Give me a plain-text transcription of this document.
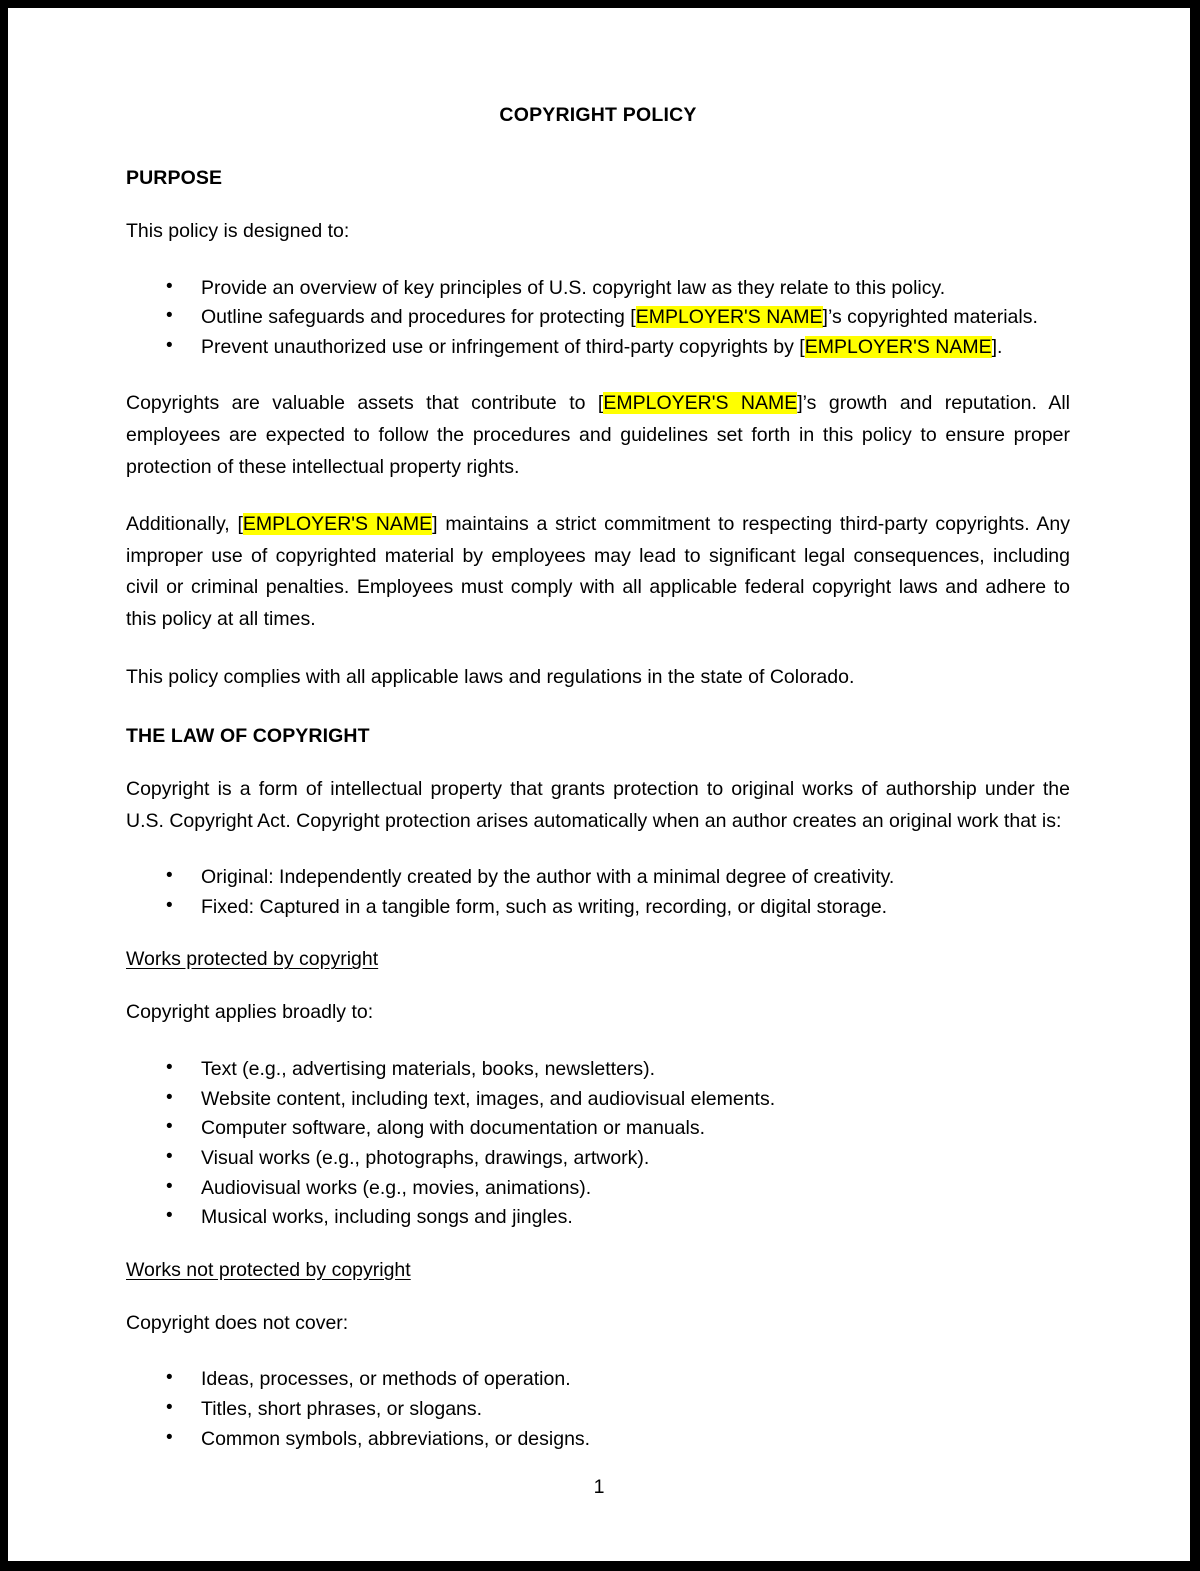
COPYRIGHT POLICY
PURPOSE

This policy is designed to:

• Provide an overview of key principles of U.S. copyright law as they relate to this policy.
• Outline safeguards and procedures for protecting [EMPLOYER'S NAME]’s copyrighted materials.
• Prevent unauthorized use or infringement of third-party copyrights by [EMPLOYER'S NAME].

Copyrights are valuable assets that contribute to [EMPLOYER'S NAME]’s growth and reputation. All employees are expected to follow the procedures and guidelines set forth in this policy to ensure proper protection of these intellectual property rights.

Additionally, [EMPLOYER'S NAME] maintains a strict commitment to respecting third-party copyrights. Any improper use of copyrighted material by employees may lead to significant legal consequences, including civil or criminal penalties. Employees must comply with all applicable federal copyright laws and adhere to this policy at all times.

This policy complies with all applicable laws and regulations in the state of Colorado.

THE LAW OF COPYRIGHT

Copyright is a form of intellectual property that grants protection to original works of authorship under the U.S. Copyright Act. Copyright protection arises automatically when an author creates an original work that is:

• Original: Independently created by the author with a minimal degree of creativity.
• Fixed: Captured in a tangible form, such as writing, recording, or digital storage.
Works protected by copyright

Copyright applies broadly to:

• Text (e.g., advertising materials, books, newsletters).
• Website content, including text, images, and audiovisual elements.
• Computer software, along with documentation or manuals.
• Visual works (e.g., photographs, drawings, artwork).
• Audiovisual works (e.g., movies, animations).
• Musical works, including songs and jingles.
Works not protected by copyright

Copyright does not cover:

• Ideas, processes, or methods of operation.
• Titles, short phrases, or slogans.
• Common symbols, abbreviations, or designs.
1
